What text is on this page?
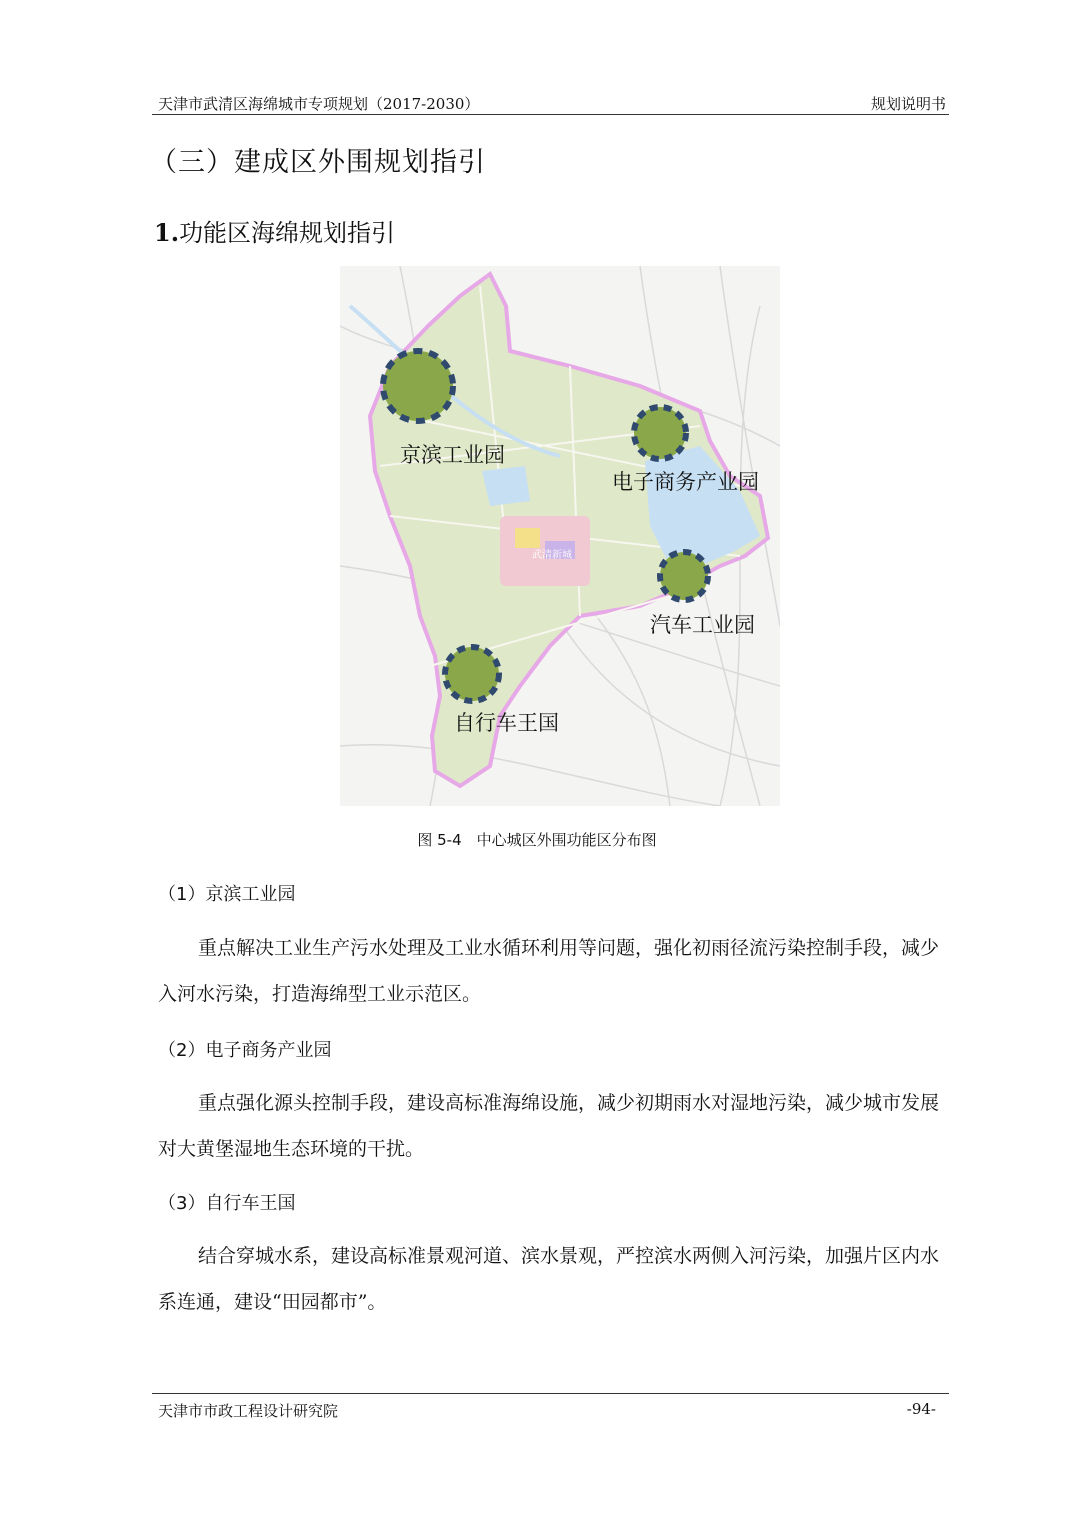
天津市武清区海绵城市专项规划（2017-2030）	规划说明书
（三）建成区外围规划指引
1.功能区海绵规划指引
武清新城
京滨工业园
电子商务产业园
汽车工业园
自行车王国
图 5-4　中心城区外围功能区分布图
（1）京滨工业园
重点解决工业生产污水处理及工业水循环利用等问题，强化初雨径流污染控制手段，减少入河水污染，打造海绵型工业示范区。
（2）电子商务产业园
重点强化源头控制手段，建设高标准海绵设施，减少初期雨水对湿地污染，减少城市发展对大黄堡湿地生态环境的干扰。
（3）自行车王国
结合穿城水系，建设高标准景观河道、滨水景观，严控滨水两侧入河污染，加强片区内水系连通，建设“田园都市”。
天津市市政工程设计研究院	-94-
